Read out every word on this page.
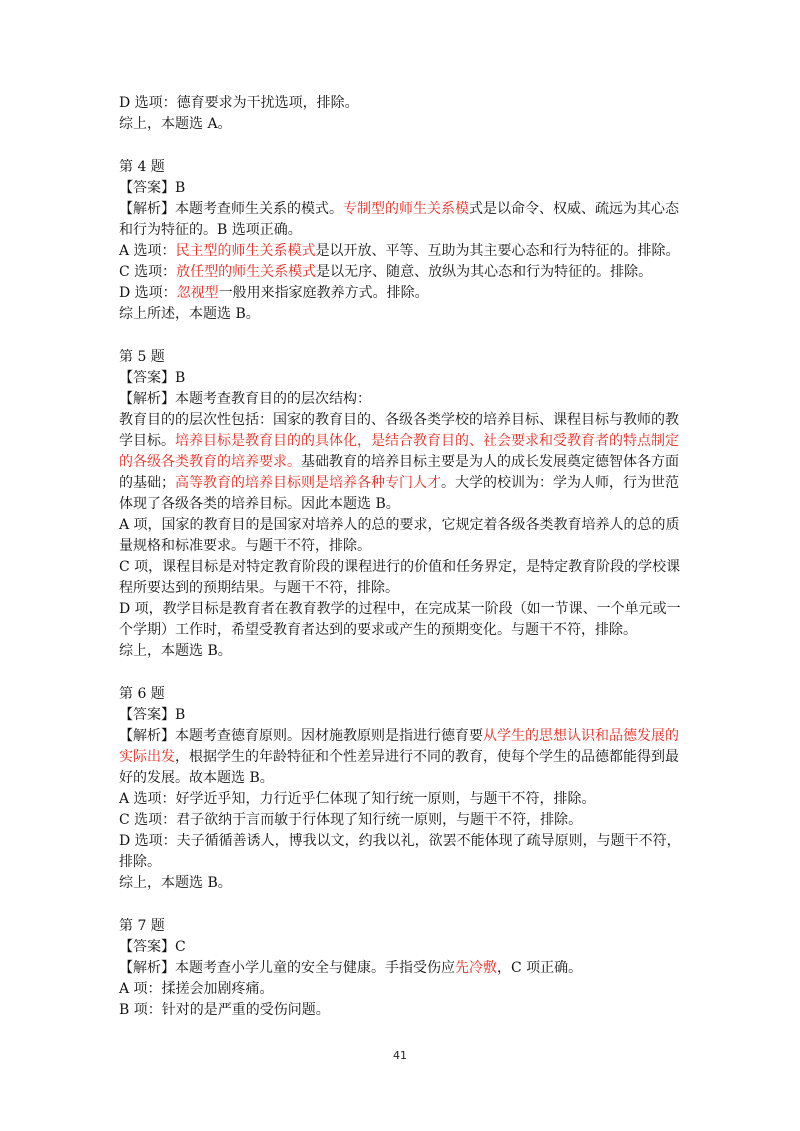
D 选项：德育要求为干扰选项，排除。
综上，本题选 A。
第 4 题
【答案】B
【解析】本题考查师生关系的模式。专制型的师生关系模式是以命令、权威、疏远为其心态
和行为特征的。B 选项正确。
A 选项：民主型的师生关系模式是以开放、平等、互助为其主要心态和行为特征的。排除。
C 选项：放任型的师生关系模式是以无序、随意、放纵为其心态和行为特征的。排除。
D 选项：忽视型一般用来指家庭教养方式。排除。
综上所述，本题选 B。
第 5 题
【答案】B
【解析】本题考查教育目的的层次结构：
教育目的的层次性包括：国家的教育目的、各级各类学校的培养目标、课程目标与教师的教
学目标。培养目标是教育目的的具体化，是结合教育目的、社会要求和受教育者的特点制定
的各级各类教育的培养要求。基础教育的培养目标主要是为人的成长发展奠定德智体各方面
的基础；高等教育的培养目标则是培养各种专门人才。大学的校训为：学为人师，行为世范
体现了各级各类的培养目标。因此本题选 B。
A 项，国家的教育目的是国家对培养人的总的要求，它规定着各级各类教育培养人的总的质
量规格和标准要求。与题干不符，排除。
C 项，课程目标是对特定教育阶段的课程进行的价值和任务界定，是特定教育阶段的学校课
程所要达到的预期结果。与题干不符，排除。
D 项，教学目标是教育者在教育教学的过程中，在完成某一阶段（如一节课、一个单元或一
个学期）工作时，希望受教育者达到的要求或产生的预期变化。与题干不符，排除。
综上，本题选 B。
第 6 题
【答案】B
【解析】本题考查德育原则。因材施教原则是指进行德育要从学生的思想认识和品德发展的
实际出发，根据学生的年龄特征和个性差异进行不同的教育，使每个学生的品德都能得到最
好的发展。故本题选 B。
A 选项：好学近乎知，力行近乎仁体现了知行统一原则，与题干不符，排除。
C 选项：君子欲纳于言而敏于行体现了知行统一原则，与题干不符，排除。
D 选项：夫子循循善诱人，博我以文，约我以礼，欲罢不能体现了疏导原则，与题干不符，
排除。
综上，本题选 B。
第 7 题
【答案】C
【解析】本题考查小学儿童的安全与健康。手指受伤应先冷敷，C 项正确。
A 项：揉搓会加剧疼痛。
B 项：针对的是严重的受伤问题。
41
